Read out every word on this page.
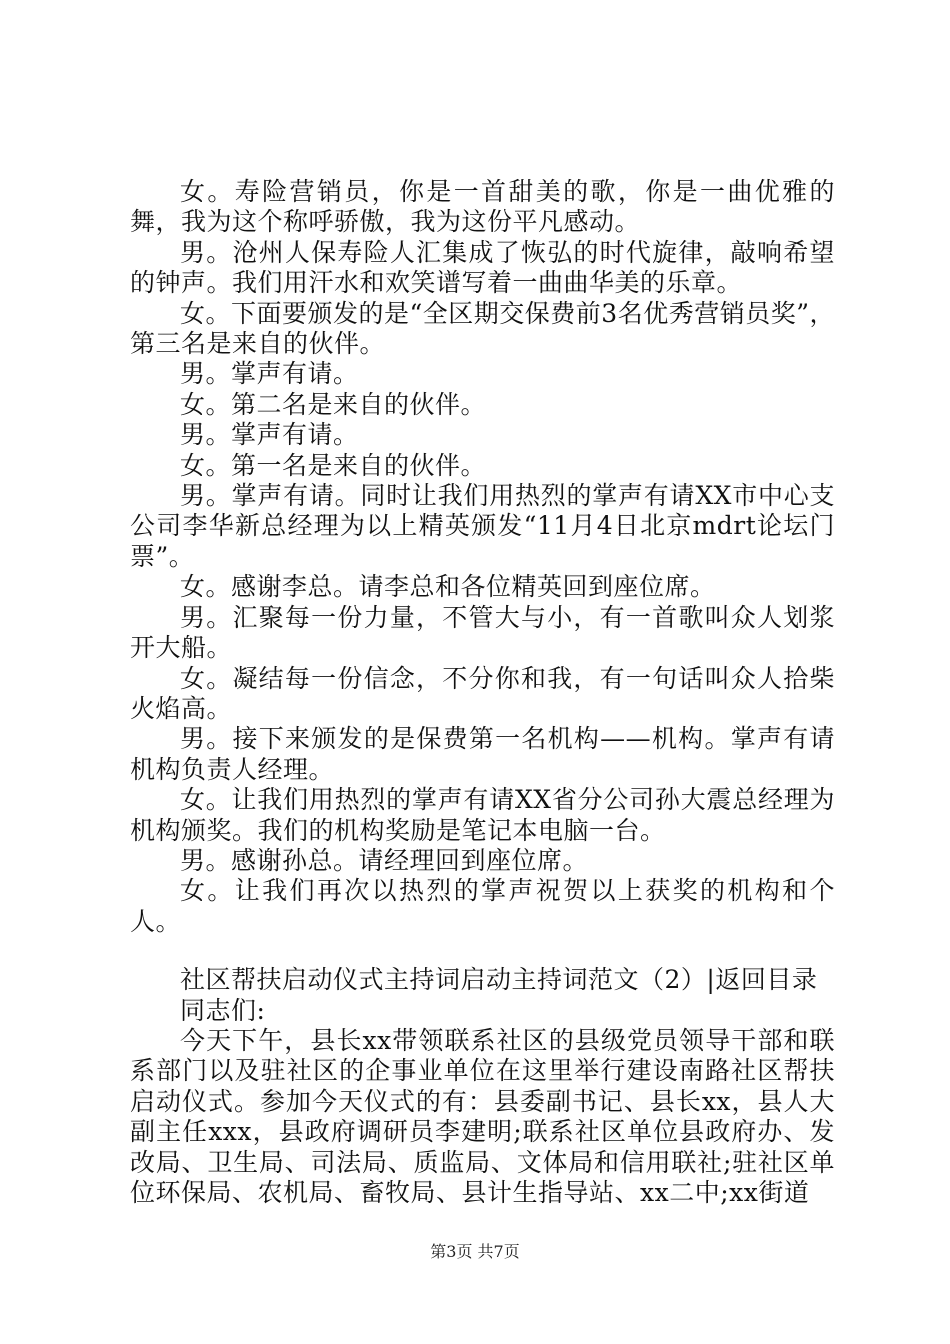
女。寿险营销员，你是一首甜美的歌，你是一曲优雅的舞，我为这个称呼骄傲，我为这份平凡感动。

男。沧州人保寿险人汇集成了恢弘的时代旋律，敲响希望的钟声。我们用汗水和欢笑谱写着一曲曲华美的乐章。

女。下面要颁发的是“全区期交保费前3名优秀营销员奖”，第三名是来自的伙伴。

男。掌声有请。

女。第二名是来自的伙伴。

男。掌声有请。

女。第一名是来自的伙伴。

男。掌声有请。同时让我们用热烈的掌声有请XX市中心支公司李华新总经理为以上精英颁发“11月4日北京mdrt论坛门票”。

女。感谢李总。请李总和各位精英回到座位席。

男。汇聚每一份力量，不管大与小，有一首歌叫众人划浆开大船。

女。凝结每一份信念，不分你和我，有一句话叫众人拾柴火焰高。

男。接下来颁发的是保费第一名机构——机构。掌声有请机构负责人经理。

女。让我们用热烈的掌声有请XX省分公司孙大震总经理为机构颁奖。我们的机构奖励是笔记本电脑一台。

男。感谢孙总。请经理回到座位席。

女。让我们再次以热烈的掌声祝贺以上获奖的机构和个人。

社区帮扶启动仪式主持词启动主持词范文（2）|返回目录

同志们:

今天下午，县长xx带领联系社区的县级党员领导干部和联系部门以及驻社区的企事业单位在这里举行建设南路社区帮扶启动仪式。参加今天仪式的有：县委副书记、县长xx，县人大副主任xxx，县政府调研员李建明;联系社区单位县政府办、发改局、卫生局、司法局、质监局、文体局和信用联社;驻社区单位环保局、农机局、畜牧局、县计生指导站、xx二中;xx街道

第3页 共7页
